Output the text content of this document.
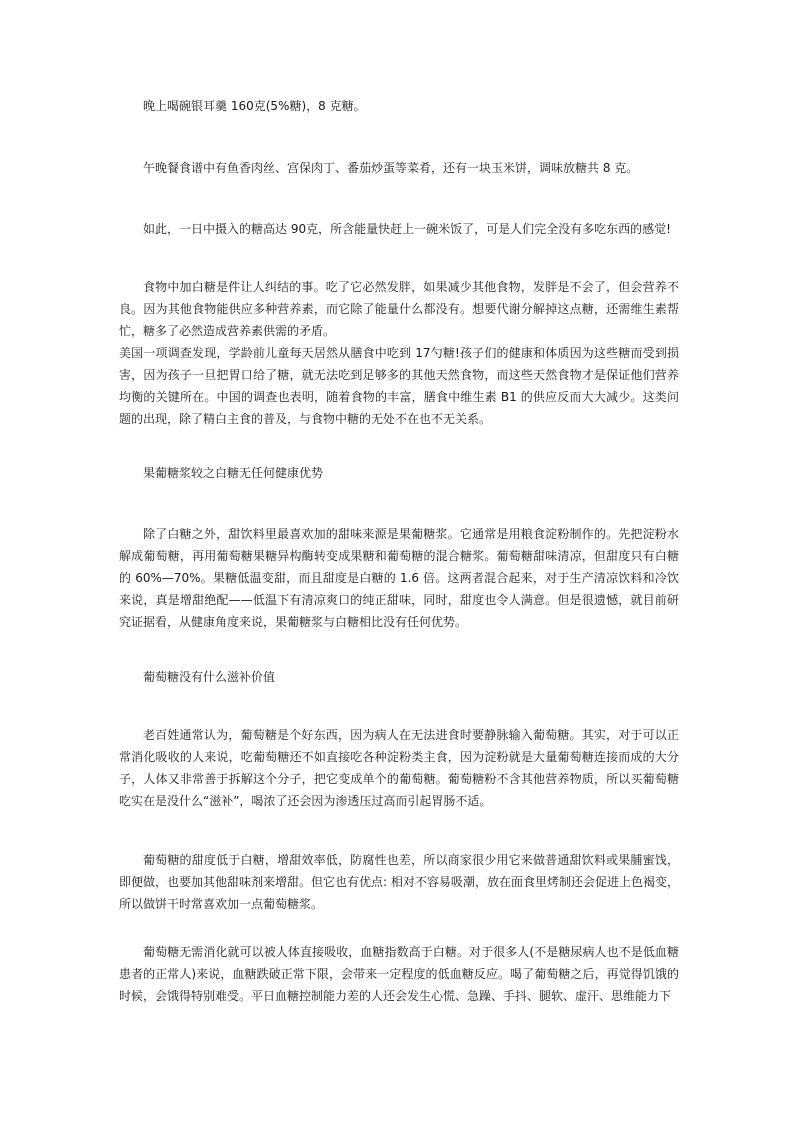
晚上喝碗银耳羹 160克(5%糖)，8 克糖。

午晚餐食谱中有鱼香肉丝、宫保肉丁、番茄炒蛋等菜肴，还有一块玉米饼，调味放糖共 8 克。

如此，一日中摄入的糖高达 90克，所含能量快赶上一碗米饭了，可是人们完全没有多吃东西的感觉!

食物中加白糖是件让人纠结的事。吃了它必然发胖，如果减少其他食物，发胖是不会了，但会营养不良。因为其他食物能供应多种营养素，而它除了能量什么都没有。想要代谢分解掉这点糖，还需维生素帮忙，糖多了必然造成营养素供需的矛盾。

美国一项调查发现，学龄前儿童每天居然从膳食中吃到 17勺糖!孩子们的健康和体质因为这些糖而受到损害，因为孩子一旦把胃口给了糖，就无法吃到足够多的其他天然食物，而这些天然食物才是保证他们营养均衡的关键所在。中国的调查也表明，随着食物的丰富，膳食中维生素 B1 的供应反而大大减少。这类问题的出现，除了精白主食的普及，与食物中糖的无处不在也不无关系。

果葡糖浆较之白糖无任何健康优势

除了白糖之外，甜饮料里最喜欢加的甜味来源是果葡糖浆。它通常是用粮食淀粉制作的。先把淀粉水解成葡萄糖，再用葡萄糖果糖异构酶转变成果糖和葡萄糖的混合糖浆。葡萄糖甜味清凉，但甜度只有白糖的 60%—70%。果糖低温变甜，而且甜度是白糖的 1.6 倍。这两者混合起来，对于生产清凉饮料和冷饮来说，真是增甜绝配——低温下有清凉爽口的纯正甜味，同时，甜度也令人满意。但是很遗憾，就目前研究证据看，从健康角度来说，果葡糖浆与白糖相比没有任何优势。

葡萄糖没有什么滋补价值

老百姓通常认为，葡萄糖是个好东西，因为病人在无法进食时要静脉输入葡萄糖。其实，对于可以正常消化吸收的人来说，吃葡萄糖还不如直接吃各种淀粉类主食，因为淀粉就是大量葡萄糖连接而成的大分子，人体又非常善于拆解这个分子，把它变成单个的葡萄糖。葡萄糖粉不含其他营养物质，所以买葡萄糖吃实在是没什么“滋补”，喝浓了还会因为渗透压过高而引起胃肠不适。

葡萄糖的甜度低于白糖，增甜效率低，防腐性也差，所以商家很少用它来做普通甜饮料或果脯蜜饯，即便做，也要加其他甜味剂来增甜。但它也有优点: 相对不容易吸潮，放在面食里烤制还会促进上色褐变，所以做饼干时常喜欢加一点葡萄糖浆。

葡萄糖无需消化就可以被人体直接吸收，血糖指数高于白糖。对于很多人(不是糖尿病人也不是低血糖患者的正常人)来说，血糖跌破正常下限，会带来一定程度的低血糖反应。喝了葡萄糖之后，再觉得饥饿的时候，会饿得特别难受。平日血糖控制能力差的人还会发生心慌、急躁、手抖、腿软、虚汗、思维能力下
